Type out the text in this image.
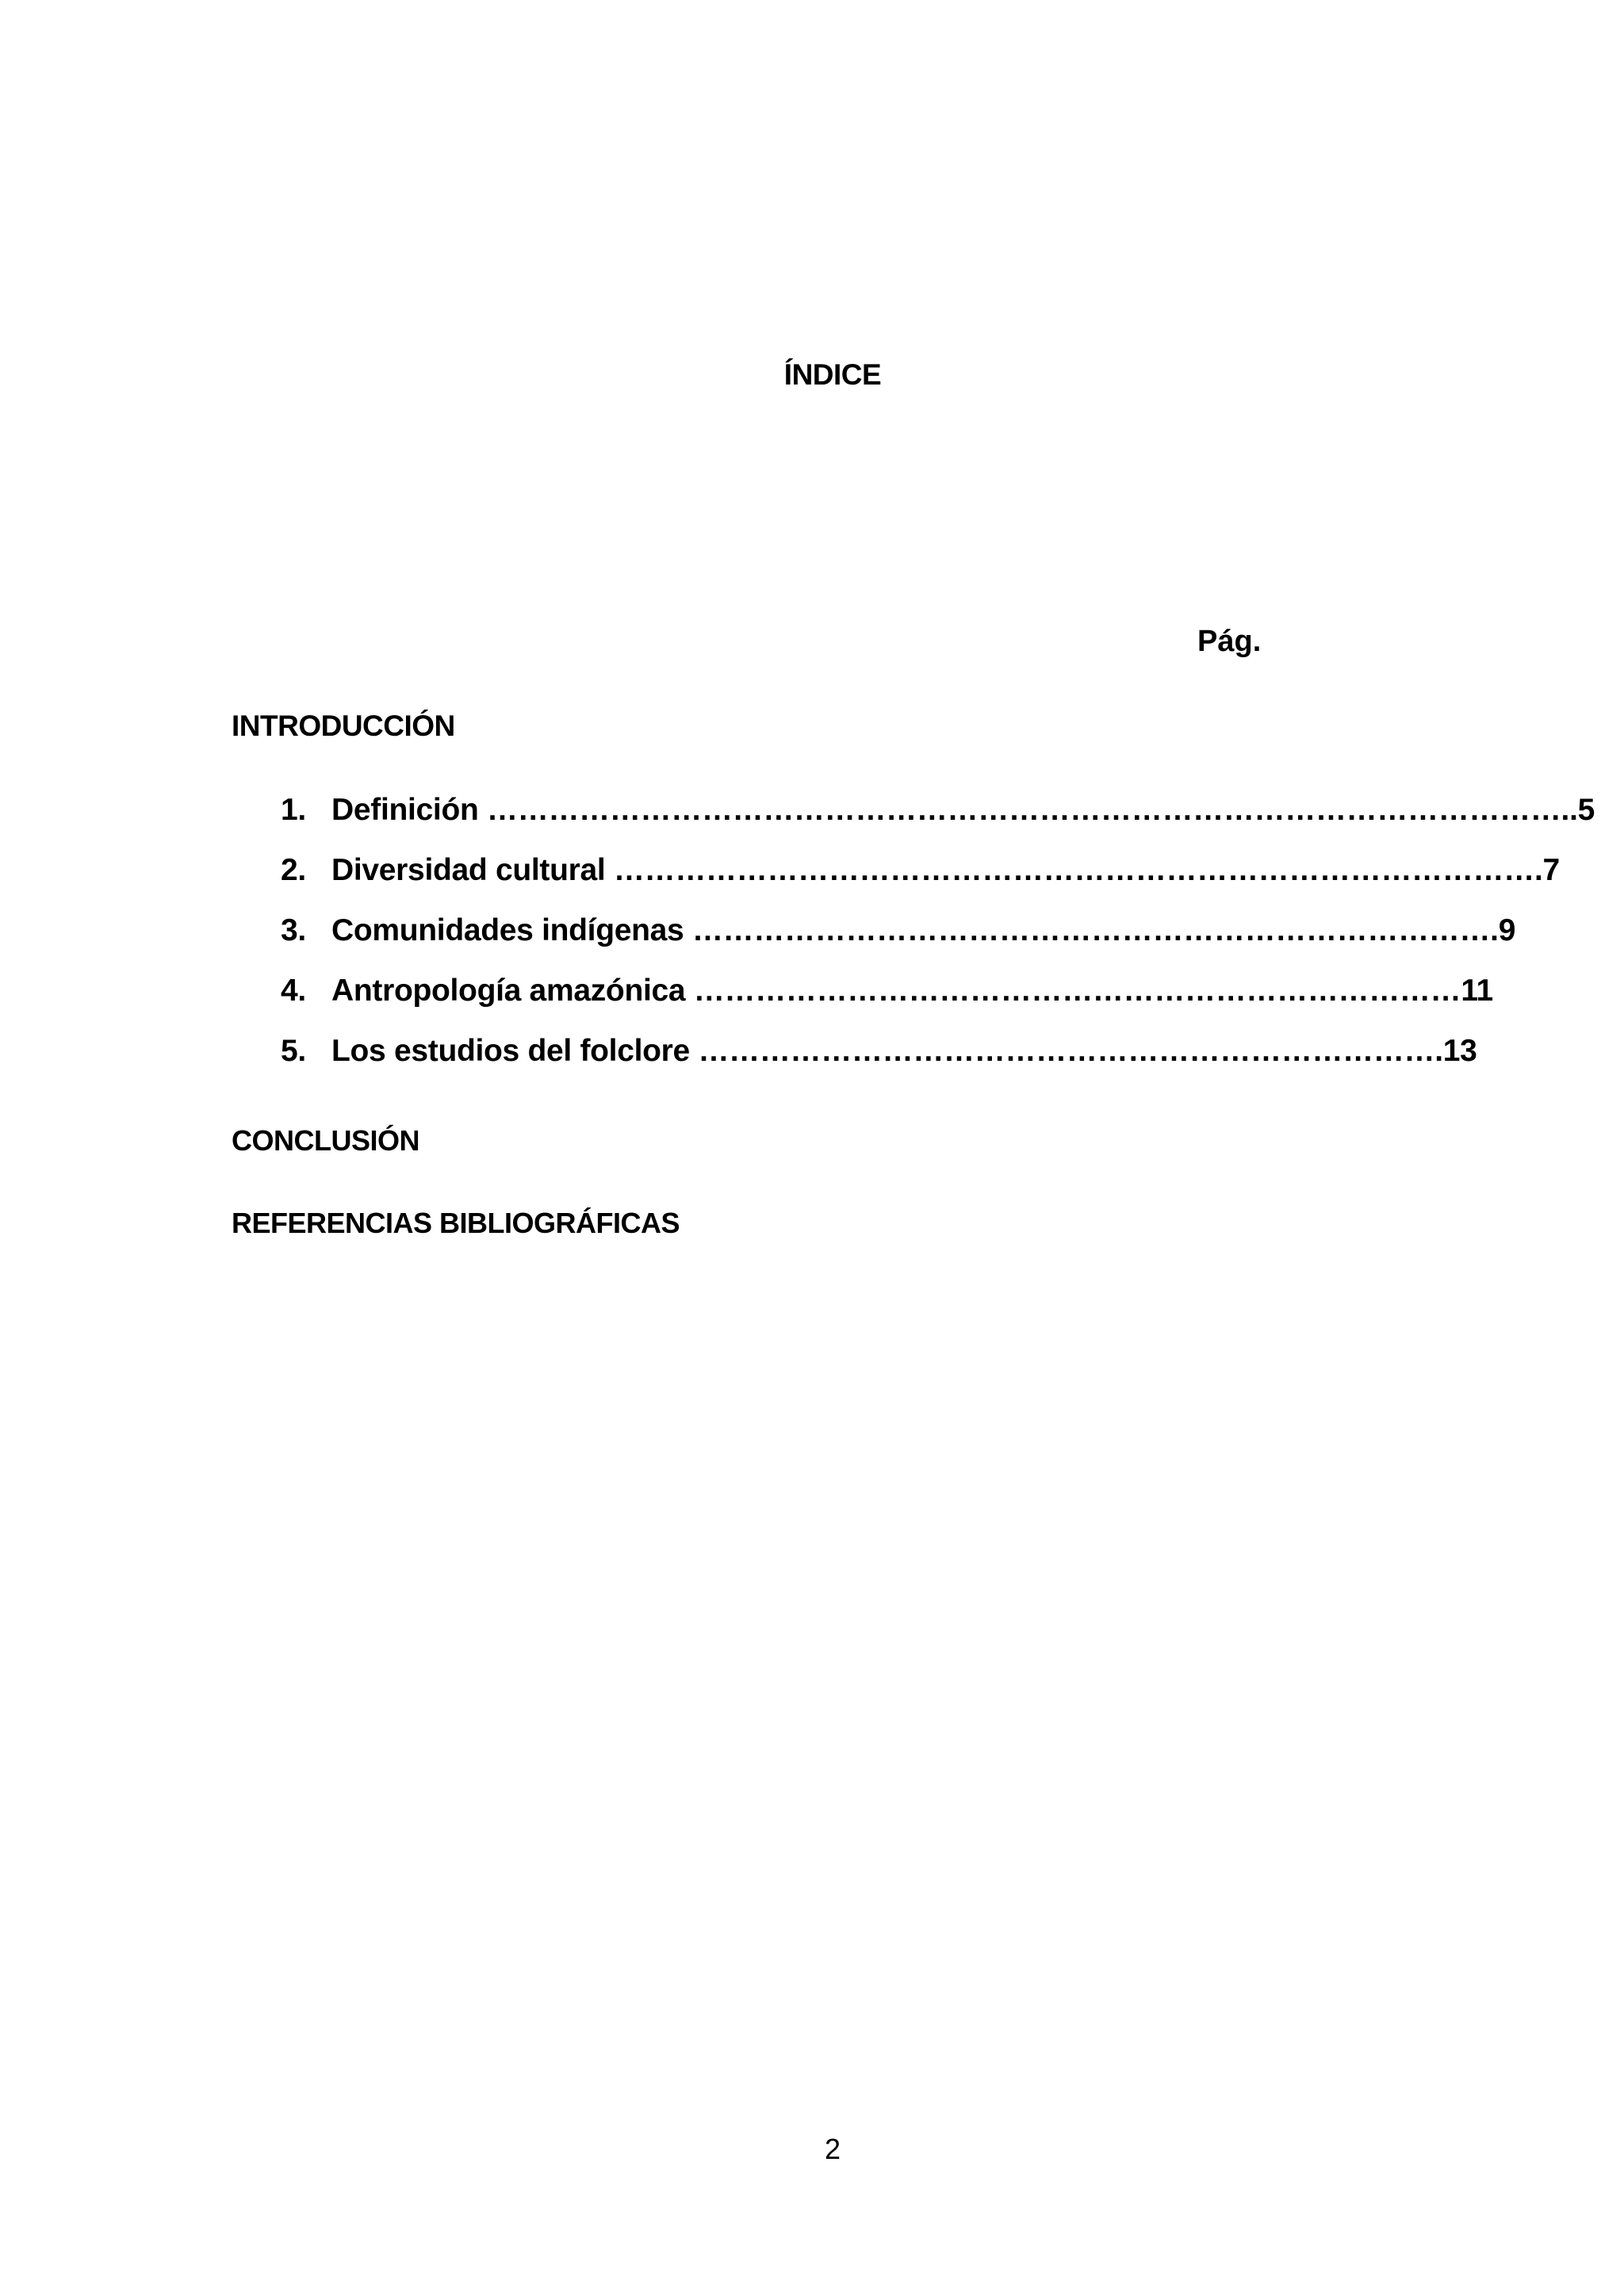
ÍNDICE
Pág.
INTRODUCCIÓN
1. Definición ……………………………………………………………………………………………..5
2. Diversidad cultural ……………………………………………………………………………….7
3. Comunidades indígenas …………………………………………………………………….9
4. Antropología amazónica …………………………………………………………………11
5. Los estudios del folclore ……………………………………………………………….13
CONCLUSIÓN
REFERENCIAS BIBLIOGRÁFICAS
2
